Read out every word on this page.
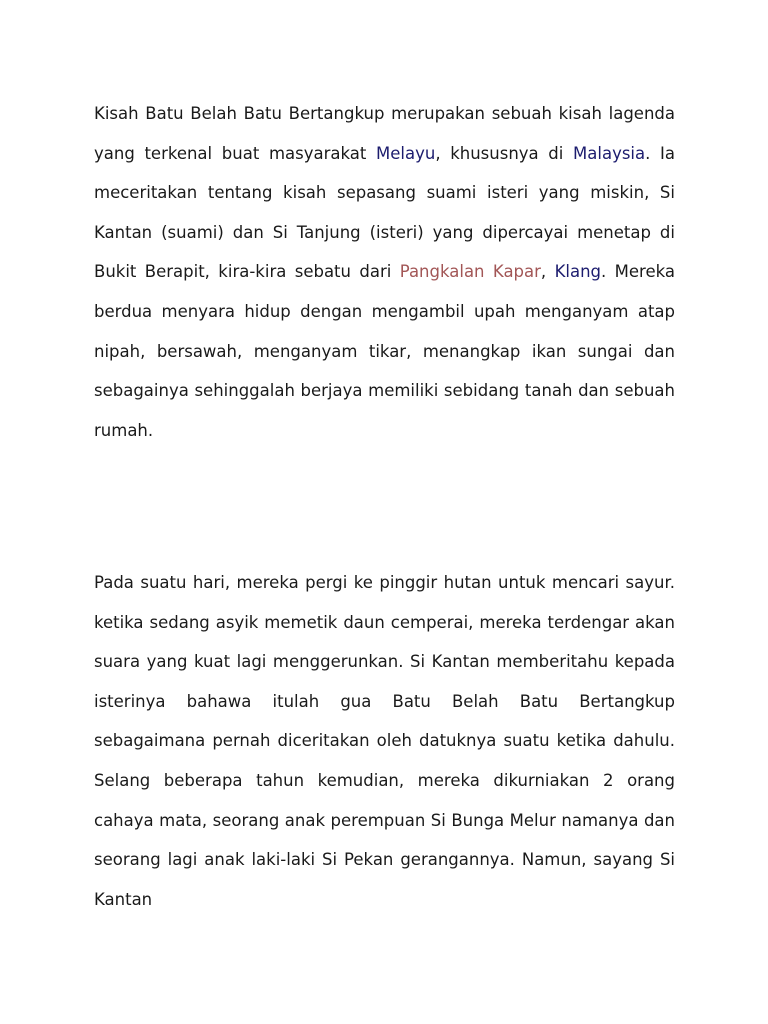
Kisah Batu Belah Batu Bertangkup merupakan sebuah kisah lagenda yang terkenal buat masyarakat Melayu, khususnya di Malaysia. Ia meceritakan tentang kisah sepasang suami isteri yang miskin, Si Kantan (suami) dan Si Tanjung (isteri) yang dipercayai menetap di Bukit Berapit, kira-kira sebatu dari Pangkalan Kapar, Klang. Mereka berdua menyara hidup dengan mengambil upah menganyam atap nipah, bersawah, menganyam tikar, menangkap ikan sungai dan sebagainya sehinggalah berjaya memiliki sebidang tanah dan sebuah rumah.

Pada suatu hari, mereka pergi ke pinggir hutan untuk mencari sayur. ketika sedang asyik memetik daun cemperai, mereka terdengar akan suara yang kuat lagi menggerunkan. Si Kantan memberitahu kepada isterinya bahawa itulah gua Batu Belah Batu Bertangkup sebagaimana pernah diceritakan oleh datuknya suatu ketika dahulu. Selang beberapa tahun kemudian, mereka dikurniakan 2 orang cahaya mata, seorang anak perempuan Si Bunga Melur namanya dan seorang lagi anak laki-laki Si Pekan gerangannya. Namun, sayang Si Kantan
